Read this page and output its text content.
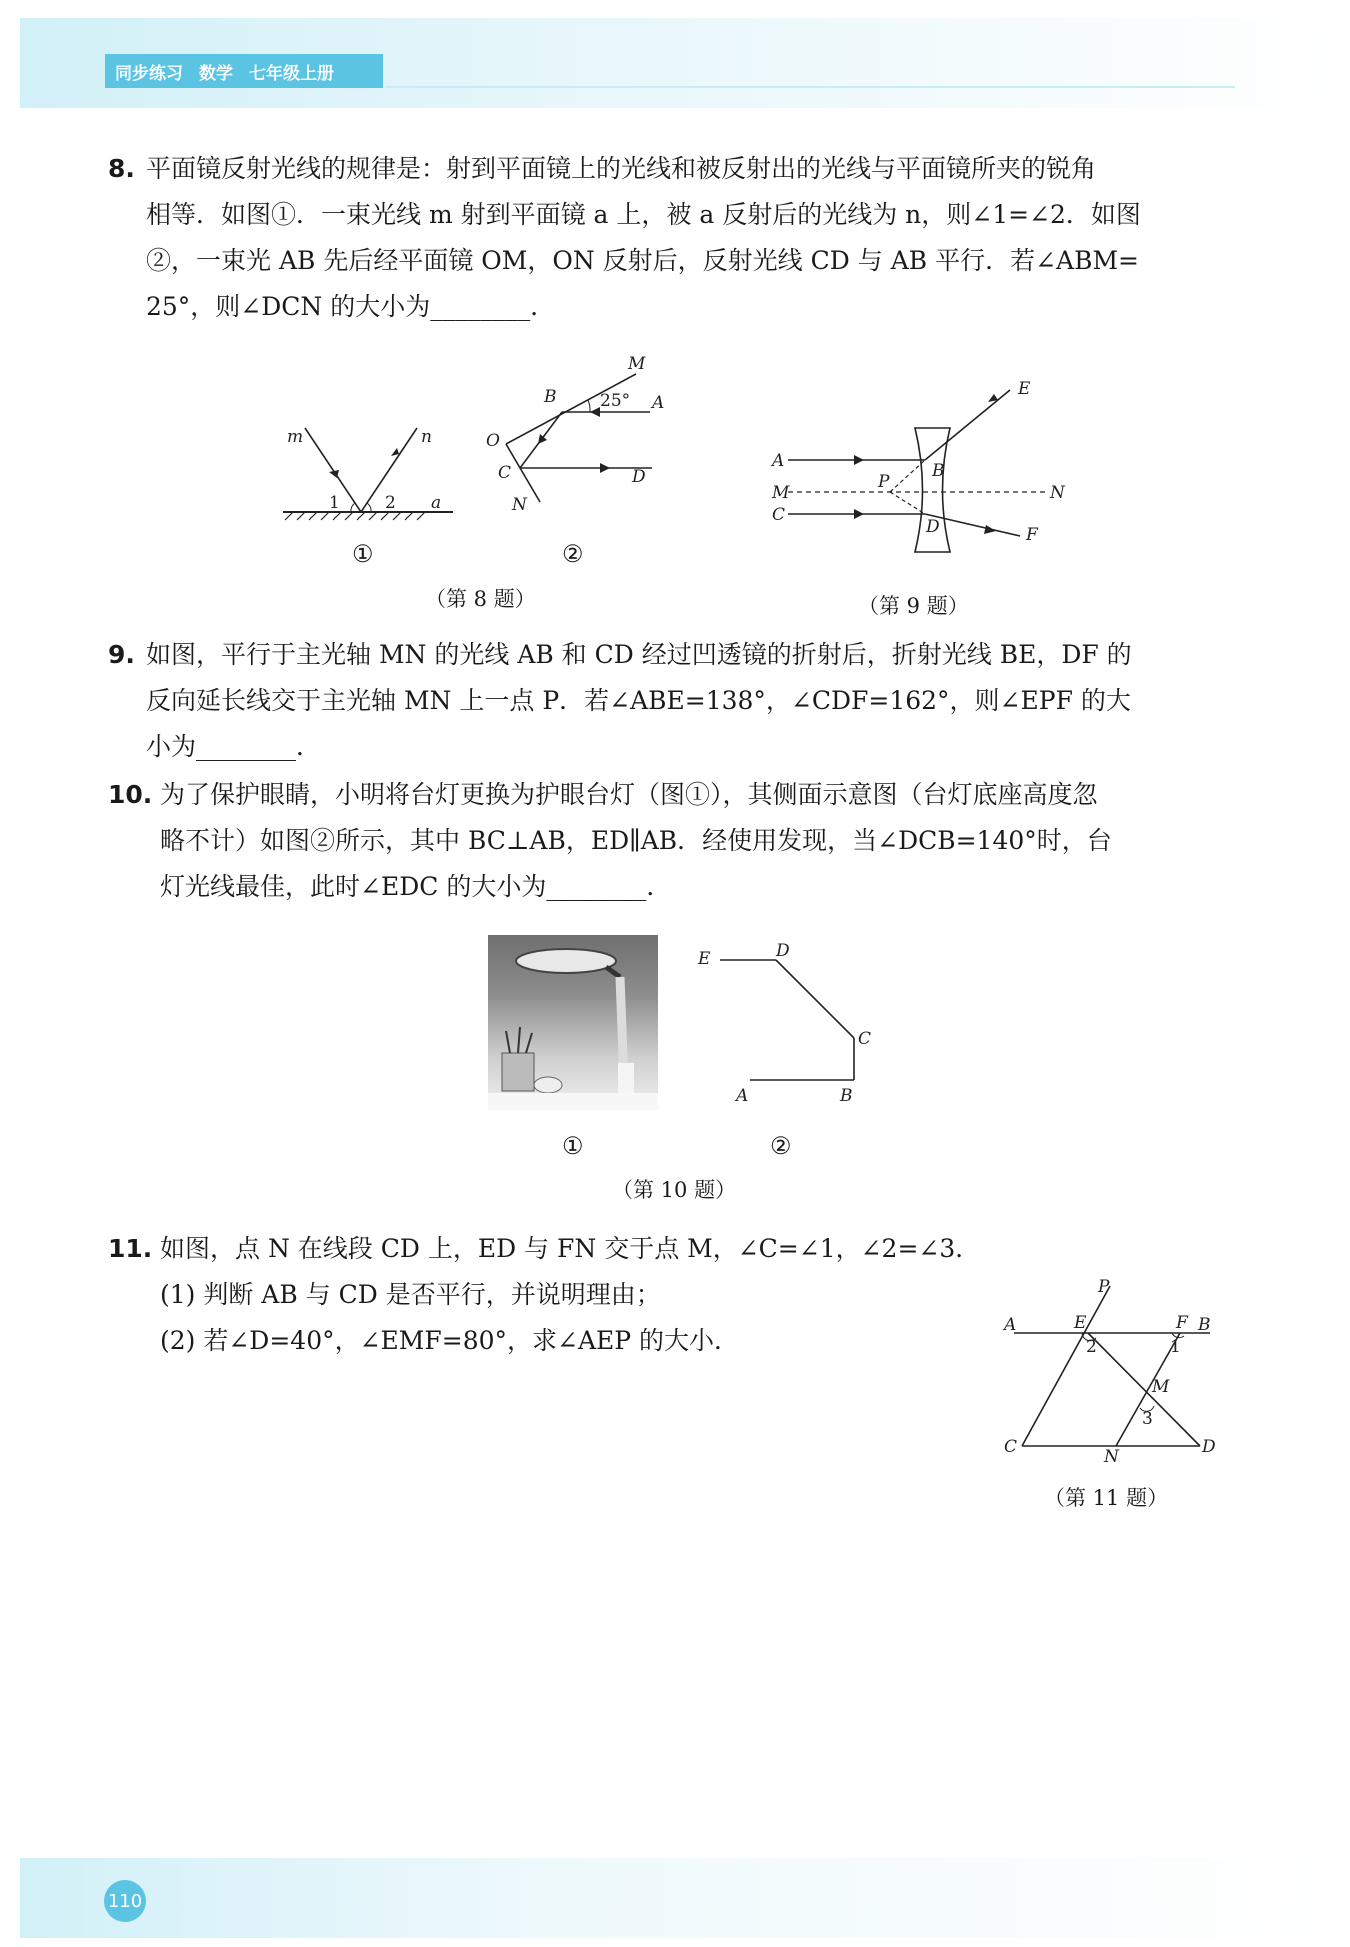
同步练习 数学 七年级上册
110
8. 平面镜反射光线的规律是：射到平面镜上的光线和被反射出的光线与平面镜所夹的锐角

相等．如图①．一束光线 m 射到平面镜 a 上，被 a 反射后的光线为 n，则∠1=∠2．如图

②，一束光 AB 先后经平面镜 OM，ON 反射后，反射光线 CD 与 AB 平行．若∠ABM=

25°，则∠DCN 的大小为________．

m	n
1	2 a
①
M
B	25° A
O
C	D
N
②
（第 8 题）
E
A	B
P
M	N
C
D	F
（第 9 题）
9. 如图，平行于主光轴 MN 的光线 AB 和 CD 经过凹透镜的折射后，折射光线 BE，DF 的

反向延长线交于主光轴 MN 上一点 P．若∠ABE=138°，∠CDF=162°，则∠EPF 的大

小为________．

10. 为了保护眼睛，小明将台灯更换为护眼台灯（图①），其侧面示意图（台灯底座高度忽

略不计）如图②所示，其中 BC⊥AB，ED∥AB．经使用发现，当∠DCB=140°时，台

灯光线最佳，此时∠EDC 的大小为________．

①
E	D
C
A	B
②
（第 10 题）
11. 如图，点 N 在线段 CD 上，ED 与 FN 交于点 M，∠C=∠1，∠2=∠3．

(1) 判断 AB 与 CD 是否平行，并说明理由；

(2) 若∠D=40°，∠EMF=80°，求∠AEP 的大小．

P
A	E	F B
1
2
M
3
C	N	D
（第 11 题）
